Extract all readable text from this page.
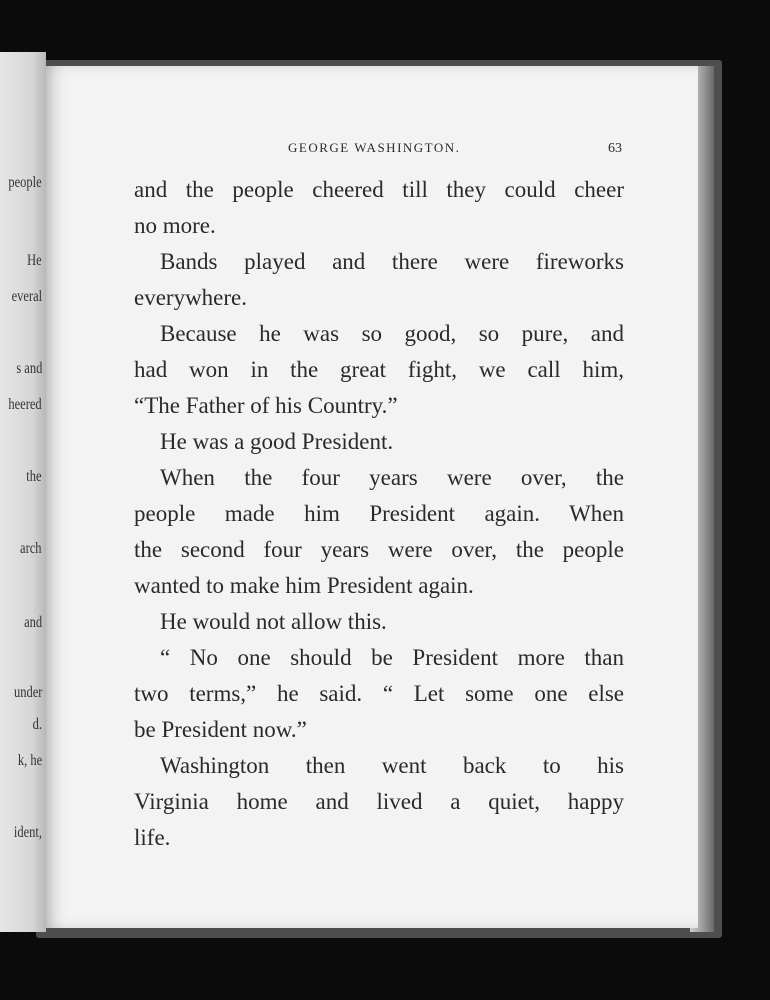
people

He

everal

s and

heered

the

arch

and

under

d.

k, he

ident,

GEORGE WASHINGTON.	63
and the people cheered till they could cheer
no more.
Bands played and there were fireworks
everywhere.
Because he was so good, so pure, and
had won in the great fight, we call him,
“The Father of his Country.”
He was a good President.
When the four years were over, the
people made him President again. When
the second four years were over, the people
wanted to make him President again.
He would not allow this.
“ No one should be President more than
two terms,” he said. “ Let some one else
be President now.”
Washington then went back to his
Virginia home and lived a quiet, happy
life.
